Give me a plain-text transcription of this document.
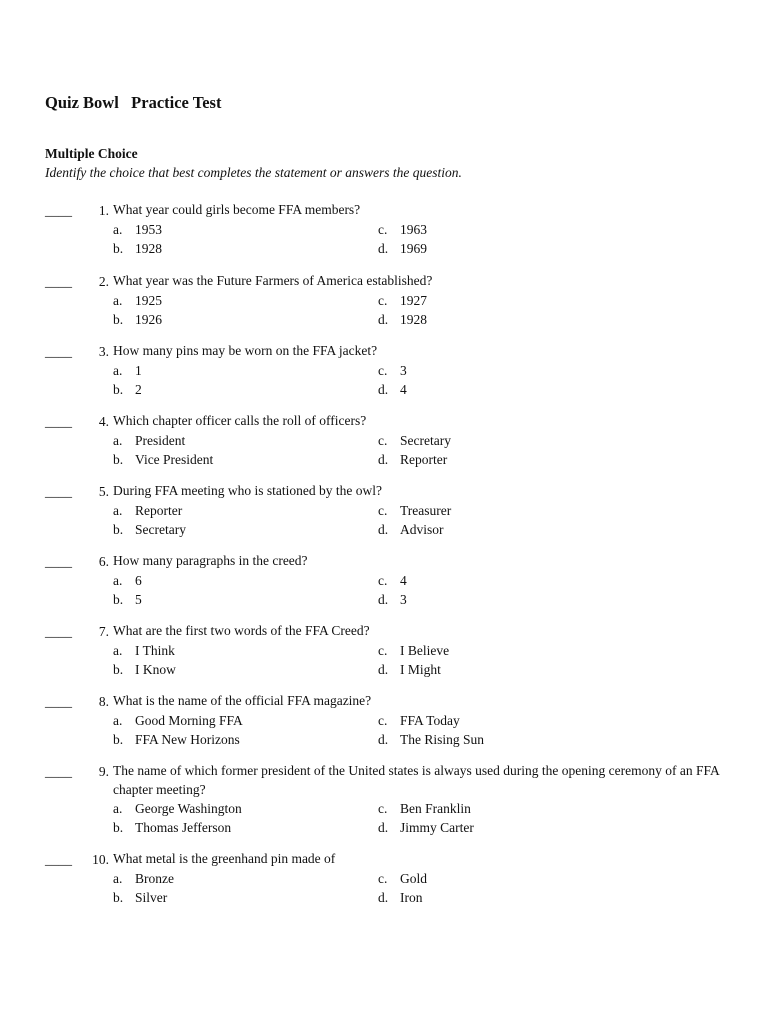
Quiz Bowl   Practice Test
Multiple Choice

Identify the choice that best completes the statement or answers the question.

____	1. What year could girls become FFA members?
a. 1953
b. 1928
c. 1963
d. 1969
____	2. What year was the Future Farmers of America established?
a. 1925
b. 1926
c. 1927
d. 1928
____	3. How many pins may be worn on the FFA jacket?
a. 1
b. 2
c. 3
d. 4
____	4. Which chapter officer calls the roll of officers?
a. President
b. Vice President
c. Secretary
d. Reporter
____	5. During FFA meeting who is stationed by the owl?
a. Reporter
b. Secretary
c. Treasurer
d. Advisor
____	6. How many paragraphs in the creed?
a. 6
b. 5
c. 4
d. 3
____	7. What are the first two words of the FFA Creed?
a. I Think
b. I Know
c. I Believe
d. I Might
____	8. What is the name of the official FFA magazine?
a. Good Morning FFA
b. FFA New Horizons
c. FFA Today
d. The Rising Sun
____	9. The name of which former president of the United states is always used during the opening ceremony of an FFA chapter meeting?
a. George Washington
b. Thomas Jefferson
c. Ben Franklin
d. Jimmy Carter
____	10. What metal is the greenhand pin made of
a. Bronze
b. Silver
c. Gold
d. Iron
